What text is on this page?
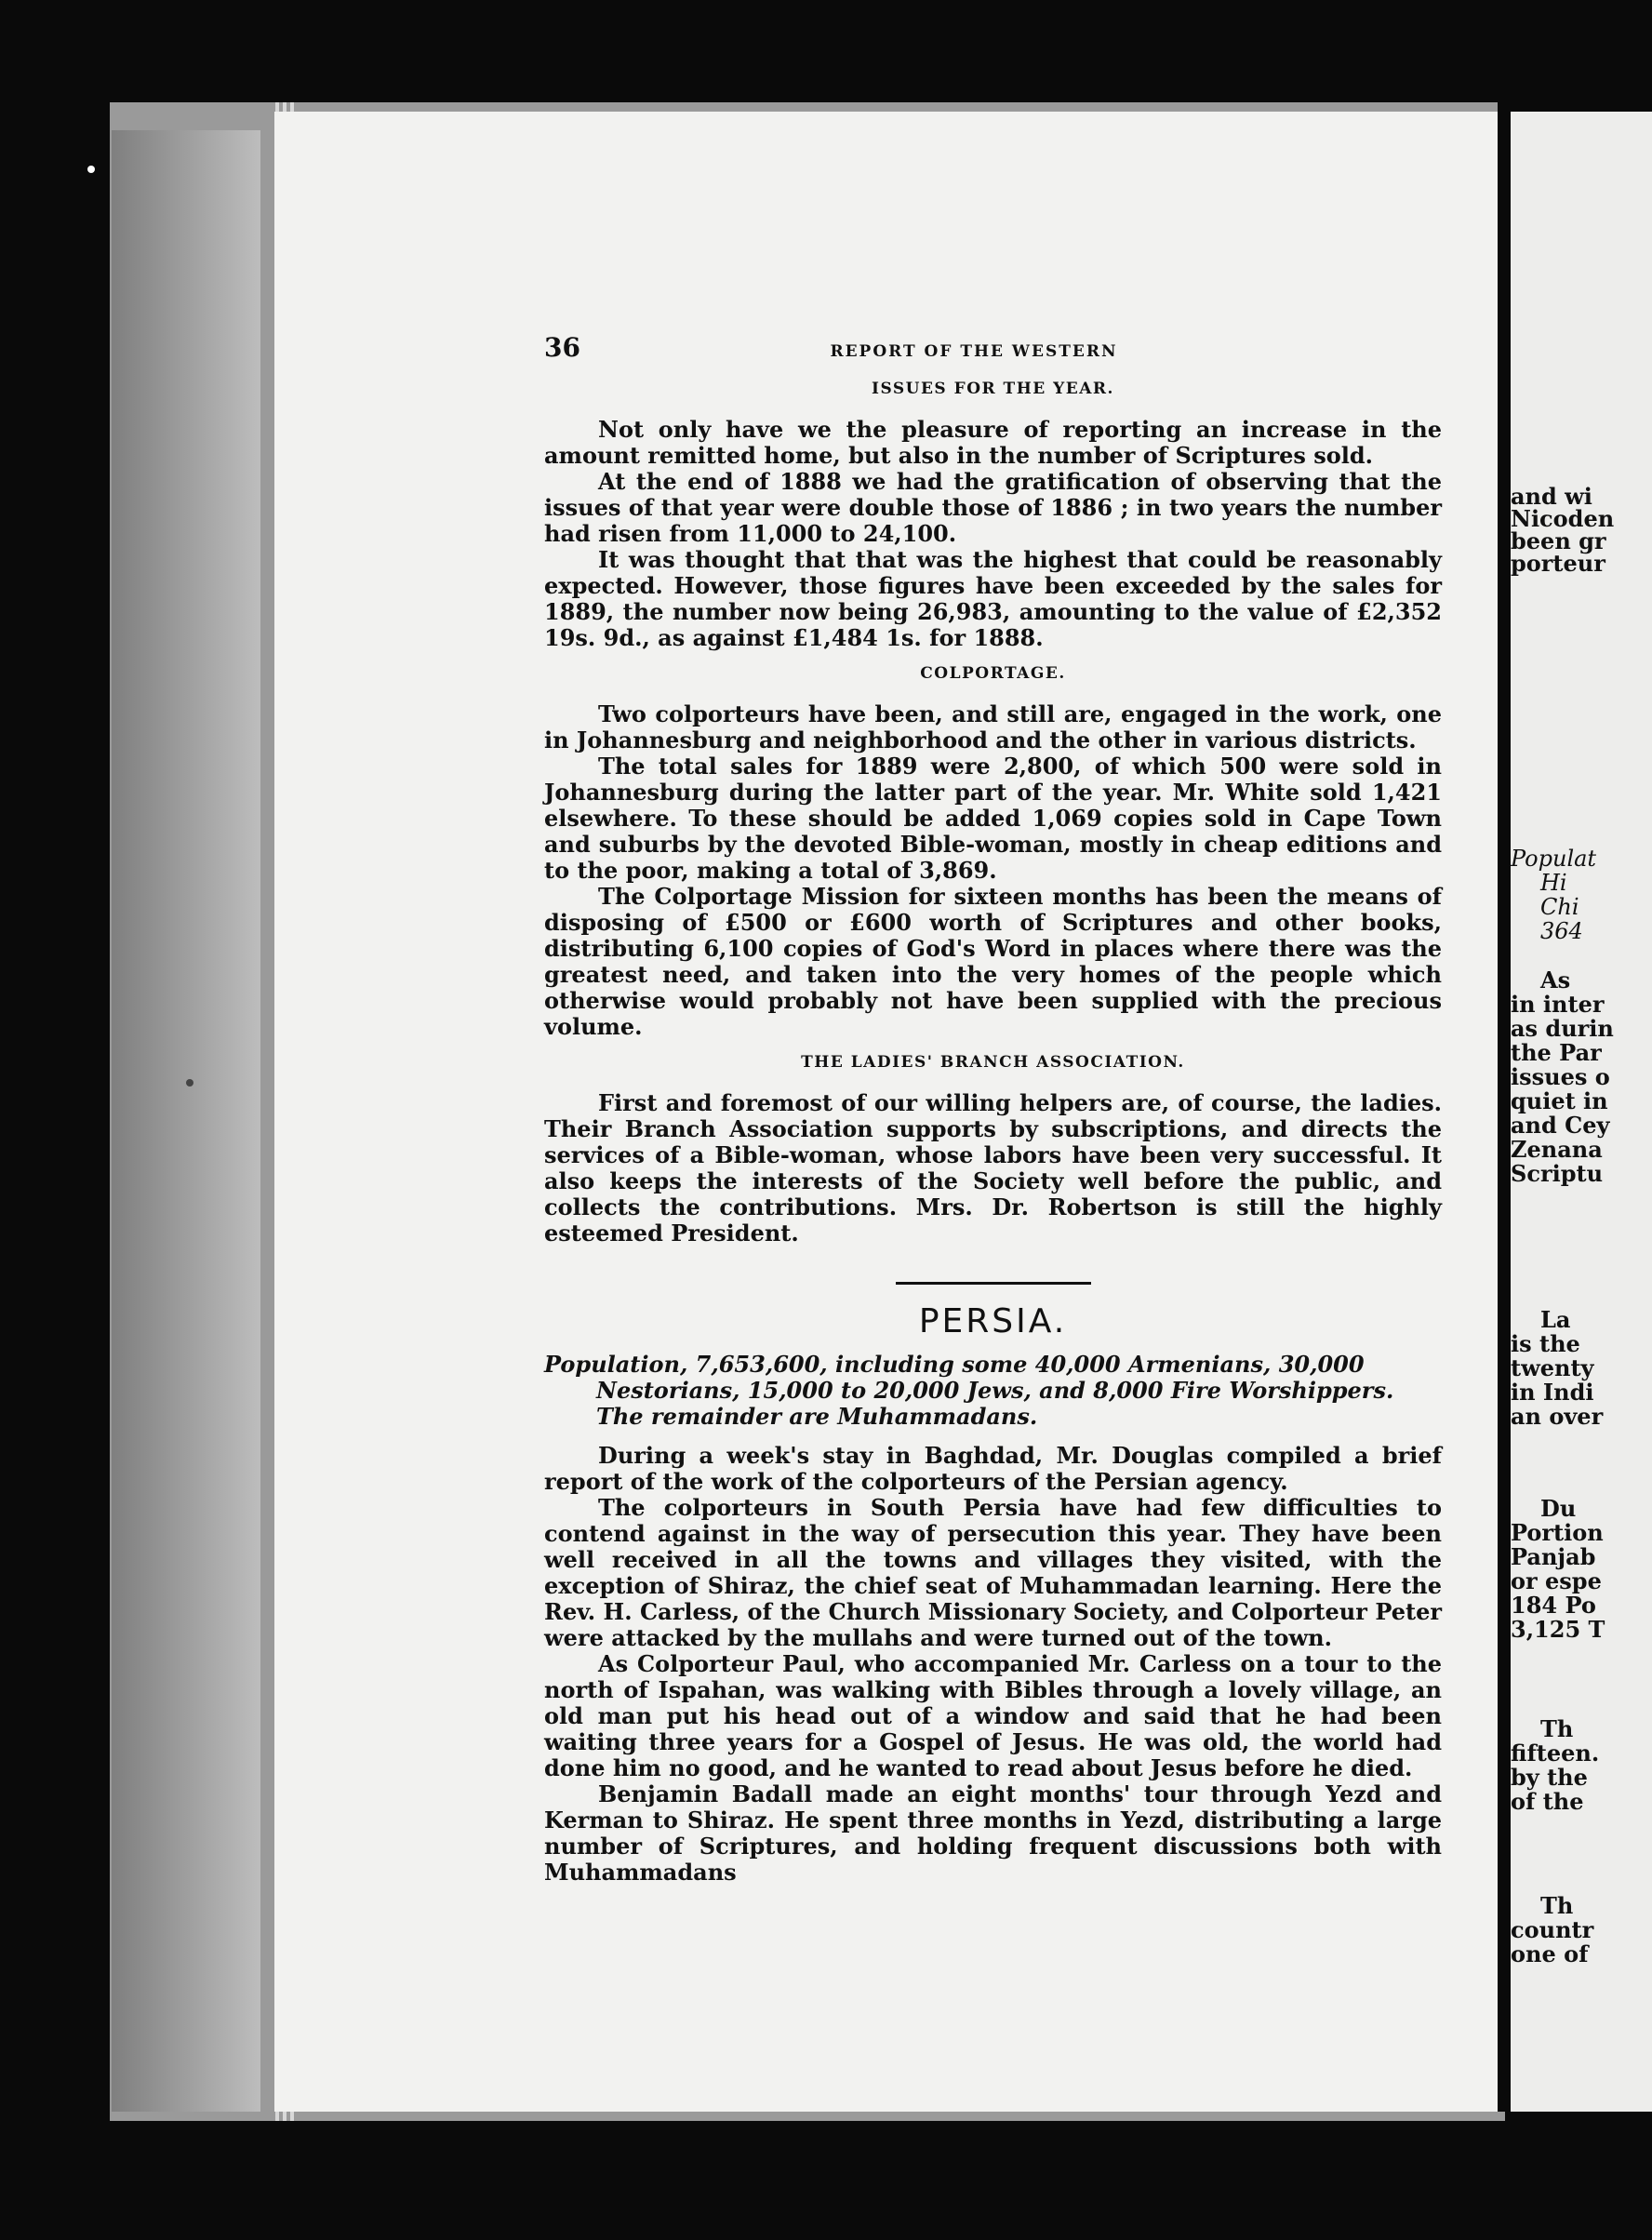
and wi
Nicoden
been gr
porteur
Populat
Hi
Chi
364
As
in inter
as durin
the Par
issues o
quiet in
and Cey
Zenana
Scriptu
La
is the
twenty
in Indi
an over
Du
Portion
Panjab
or espe
184 Po
3,125 T
Th
fifteen.
by the
of the
Th
countr
one of
36	REPORT OF THE WESTERN
ISSUES FOR THE YEAR.

Not only have we the pleasure of reporting an increase in the amount remitted home, but also in the number of Scriptures sold.

At the end of 1888 we had the gratification of observing that the issues of that year were double those of 1886 ; in two years the number had risen from 11,000 to 24,100.

It was thought that that was the highest that could be reasonably expected. However, those figures have been exceeded by the sales for 1889, the number now being 26,983, amounting to the value of £2,352 19s. 9d., as against £1,484 1s. for 1888.

COLPORTAGE.

Two colporteurs have been, and still are, engaged in the work, one in Johannesburg and neighborhood and the other in various districts.

The total sales for 1889 were 2,800, of which 500 were sold in Johannesburg during the latter part of the year. Mr. White sold 1,421 elsewhere. To these should be added 1,069 copies sold in Cape Town and suburbs by the devoted Bible-woman, mostly in cheap editions and to the poor, making a total of 3,869.

The Colportage Mission for sixteen months has been the means of disposing of £500 or £600 worth of Scriptures and other books, distributing 6,100 copies of God's Word in places where there was the greatest need, and taken into the very homes of the people which otherwise would probably not have been supplied with the precious volume.

THE LADIES' BRANCH ASSOCIATION.

First and foremost of our willing helpers are, of course, the ladies. Their Branch Association supports by subscriptions, and directs the services of a Bible-woman, whose labors have been very successful. It also keeps the interests of the Society well before the public, and collects the contributions. Mrs. Dr. Robertson is still the highly esteemed President.

PERSIA.

Population, 7,653,600, including some 40,000 Armenians, 30,000 Nestorians, 15,000 to 20,000 Jews, and 8,000 Fire Worshippers. The remainder are Muhammadans.

During a week's stay in Baghdad, Mr. Douglas compiled a brief report of the work of the colporteurs of the Persian agency.

The colporteurs in South Persia have had few difficulties to contend against in the way of persecution this year. They have been well received in all the towns and villages they visited, with the exception of Shiraz, the chief seat of Muhammadan learning. Here the Rev. H. Carless, of the Church Missionary Society, and Colporteur Peter were attacked by the mullahs and were turned out of the town.

As Colporteur Paul, who accompanied Mr. Carless on a tour to the north of Ispahan, was walking with Bibles through a lovely village, an old man put his head out of a window and said that he had been waiting three years for a Gospel of Jesus. He was old, the world had done him no good, and he wanted to read about Jesus before he died.

Benjamin Badall made an eight months' tour through Yezd and Kerman to Shiraz. He spent three months in Yezd, distributing a large number of Scriptures, and holding frequent discussions both with Muhammadans
